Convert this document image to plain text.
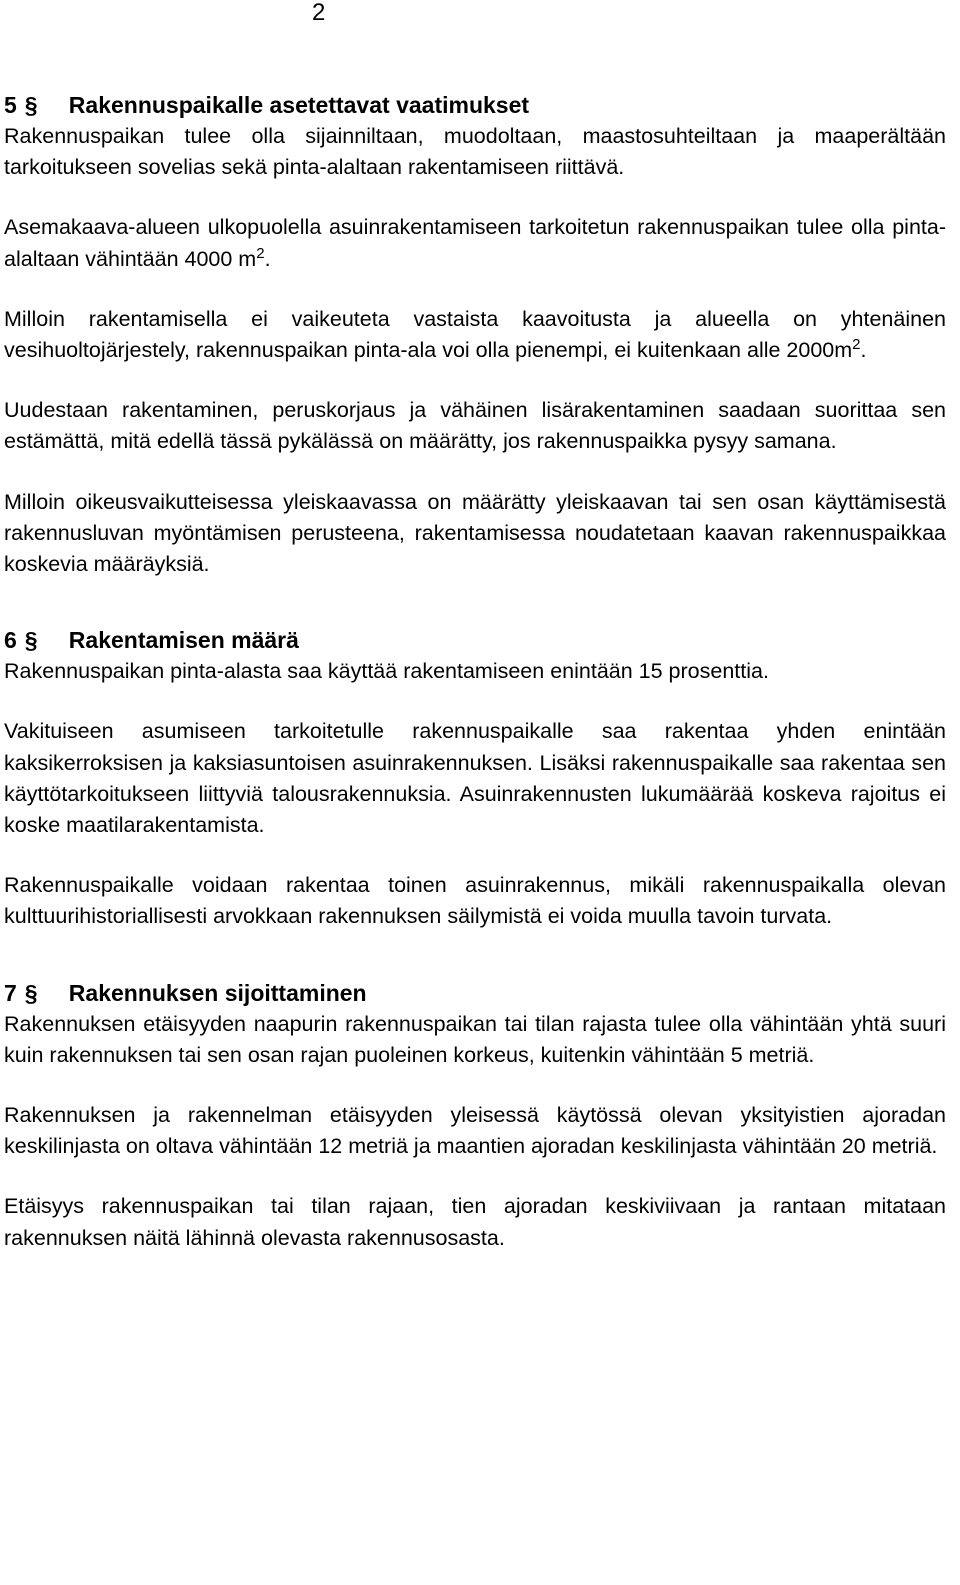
2
5 § Rakennuspaikalle asetettavat vaatimukset

Rakennuspaikan tulee olla sijainniltaan, muodoltaan, maastosuhteiltaan ja maaperältään tarkoitukseen sovelias sekä pinta-alaltaan rakentamiseen riittävä.

Asemakaava-alueen ulkopuolella asuinrakentamiseen tarkoitetun rakennuspaikan tulee olla pinta-alaltaan vähintään 4000 $m^2$.

Milloin rakentamisella ei vaikeuteta vastaista kaavoitusta ja alueella on yhtenäinen vesihuoltojärjestely, rakennuspaikan pinta-ala voi olla pienempi, ei kuitenkaan alle $2000m^2$.

Uudestaan rakentaminen, peruskorjaus ja vähäinen lisärakentaminen saadaan suorittaa sen estämättä, mitä edellä tässä pykälässä on määrätty, jos rakennuspaikka pysyy samana.

Milloin oikeusvaikutteisessa yleiskaavassa on määrätty yleiskaavan tai sen osan käyttämisestä rakennusluvan myöntämisen perusteena, rakentamisessa noudatetaan kaavan rakennuspaikkaa koskevia määräyksiä.

6 § Rakentamisen määrä

Rakennuspaikan pinta-alasta saa käyttää rakentamiseen enintään 15 prosenttia.

Vakituiseen asumiseen tarkoitetulle rakennuspaikalle saa rakentaa yhden enintään kaksikerroksisen ja kaksiasuntoisen asuinrakennuksen. Lisäksi rakennuspaikalle saa rakentaa sen käyttötarkoitukseen liittyviä talousrakennuksia. Asuinrakennusten lukumäärää koskeva rajoitus ei koske maatilarakentamista.

Rakennuspaikalle voidaan rakentaa toinen asuinrakennus, mikäli rakennuspaikalla olevan kulttuurihistoriallisesti arvokkaan rakennuksen säilymistä ei voida muulla tavoin turvata.

7 § Rakennuksen sijoittaminen

Rakennuksen etäisyyden naapurin rakennuspaikan tai tilan rajasta tulee olla vähintään yhtä suuri kuin rakennuksen tai sen osan rajan puoleinen korkeus, kuitenkin vähintään 5 metriä.

Rakennuksen ja rakennelman etäisyyden yleisessä käytössä olevan yksityistien ajoradan keskilinjasta on oltava vähintään 12 metriä ja maantien ajoradan keskilinjasta vähintään 20 metriä.

Etäisyys rakennuspaikan tai tilan rajaan, tien ajoradan keskiviivaan ja rantaan mitataan rakennuksen näitä lähinnä olevasta rakennusosasta.
